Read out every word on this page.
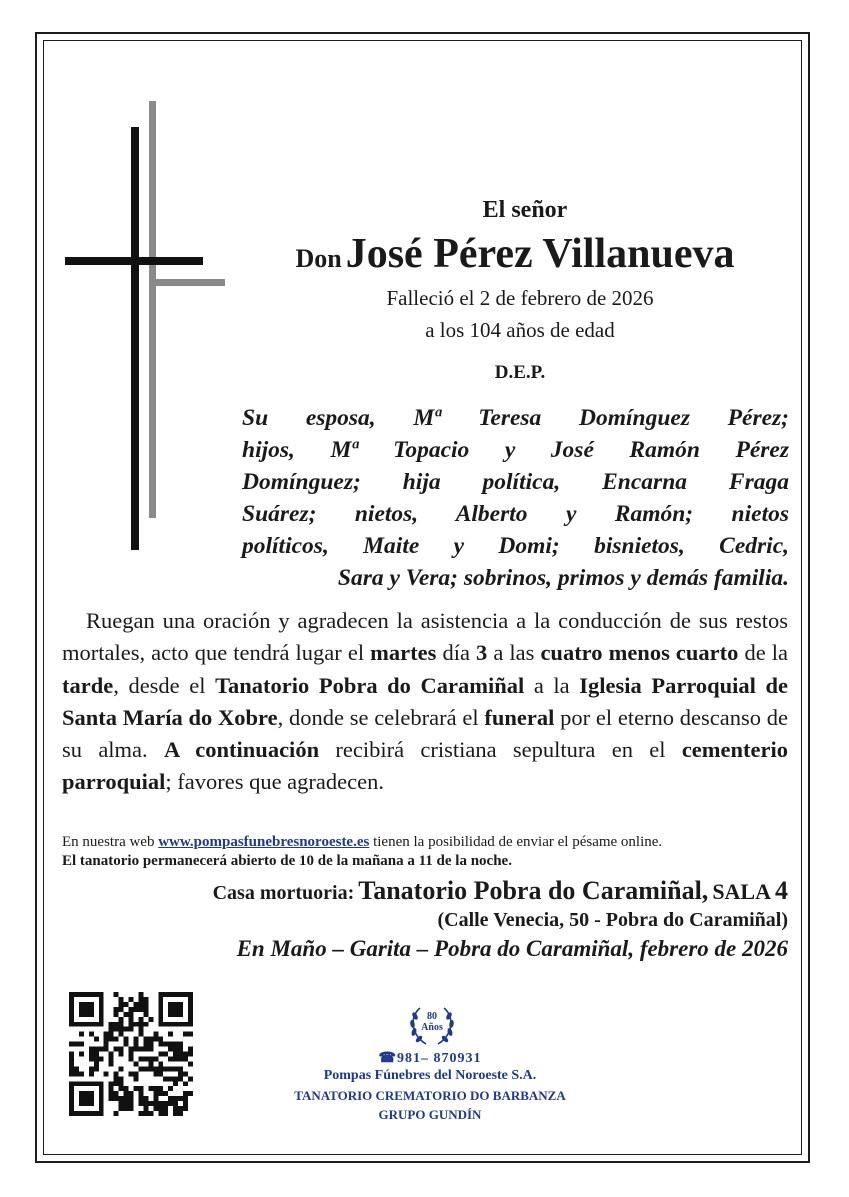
El señor
Don José Pérez Villanueva
Falleció el 2 de febrero de 2026
a los 104 años de edad
D.E.P.
Su esposa, Mª Teresa Domínguez Pérez;
hijos, Mª Topacio y José Ramón Pérez
Domínguez; hija política, Encarna Fraga
Suárez; nietos, Alberto y Ramón; nietos
políticos, Maite y Domi; bisnietos, Cedric,
Sara y Vera; sobrinos, primos y demás familia.
Ruegan una oración y agradecen la asistencia a la conducción de sus restos mortales, acto que tendrá lugar el martes día 3 a las cuatro menos cuarto de la tarde, desde el Tanatorio Pobra do Caramiñal a la Iglesia Parroquial de Santa María do Xobre, donde se celebrará el funeral por el eterno descanso de su alma. A continuación recibirá cristiana sepultura en el cementerio parroquial; favores que agradecen.
En nuestra web www.pompasfunebresnoroeste.es tienen la posibilidad de enviar el pésame online.
El tanatorio permanecerá abierto de 10 de la mañana a 11 de la noche.
Casa mortuoria: Tanatorio Pobra do Caramiñal, SALA 4
(Calle Venecia, 50 - Pobra do Caramiñal)
En Maño – Garita – Pobra do Caramiñal, febrero de 2026
80
Años
☎981– 870931
Pompas Fúnebres del Noroeste S.A.
TANATORIO CREMATORIO DO BARBANZA
GRUPO GUNDÍN
